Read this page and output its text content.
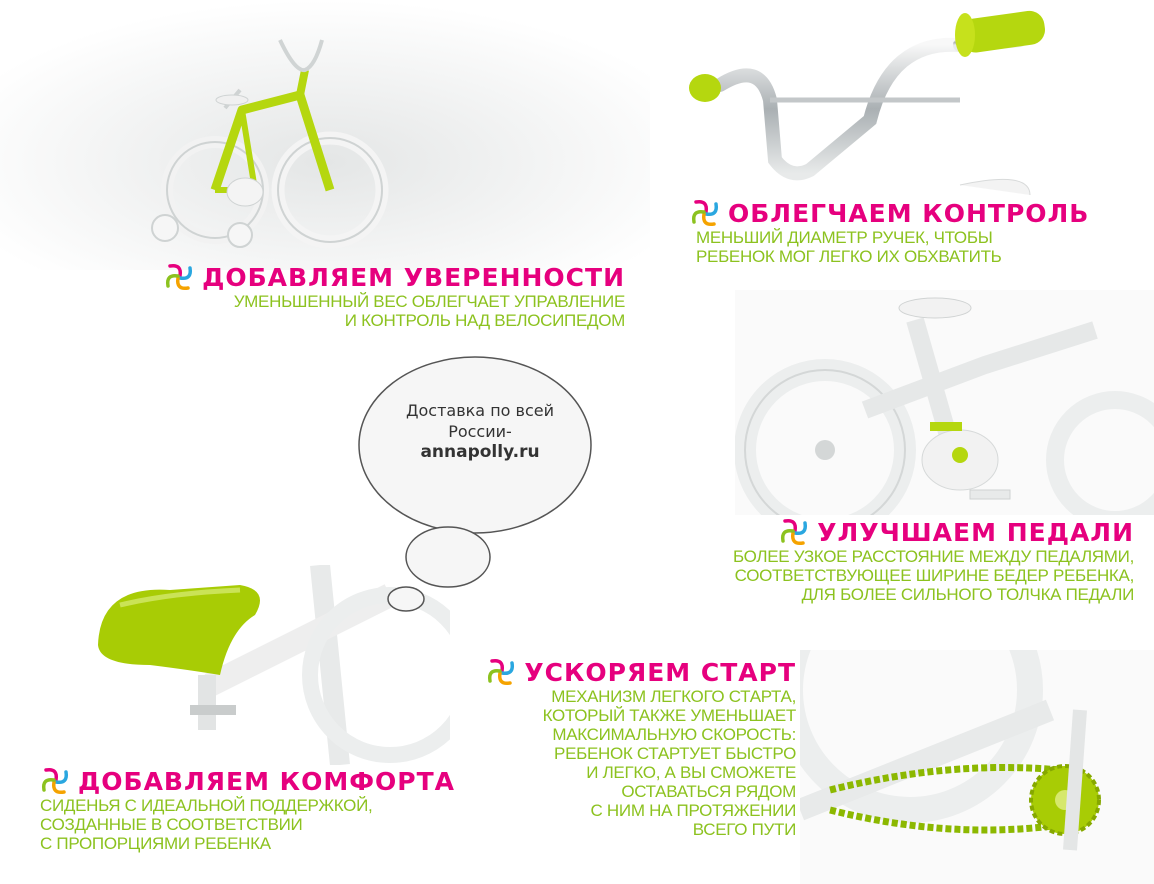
Доставка по всей
России-
annapolly.ru
ДОБАВЛЯЕМ УВЕРЕННОСТИ
УМЕНЬШЕННЫЙ ВЕС ОБЛЕГЧАЕТ УПРАВЛЕНИЕ
И КОНТРОЛЬ НАД ВЕЛОСИПЕДОМ
ОБЛЕГЧАЕМ КОНТРОЛЬ
МЕНЬШИЙ ДИАМЕТР РУЧЕК, ЧТОБЫ
РЕБЕНОК МОГ ЛЕГКО ИХ ОБХВАТИТЬ
УЛУЧШАЕМ ПЕДАЛИ
БОЛЕЕ УЗКОЕ РАССТОЯНИЕ МЕЖДУ ПЕДАЛЯМИ,
СООТВЕТСТВУЮЩЕЕ ШИРИНЕ БЕДЕР РЕБЕНКА,
ДЛЯ БОЛЕЕ СИЛЬНОГО ТОЛЧКА ПЕДАЛИ
УСКОРЯЕМ СТАРТ
МЕХАНИЗМ ЛЕГКОГО СТАРТА,
КОТОРЫЙ ТАКЖЕ УМЕНЬШАЕТ
МАКСИМАЛЬНУЮ СКОРОСТЬ:
РЕБЕНОК СТАРТУЕТ БЫСТРО
И ЛЕГКО, А ВЫ СМОЖЕТЕ
ОСТАВАТЬСЯ РЯДОМ
С НИМ НА ПРОТЯЖЕНИИ
ВСЕГО ПУТИ
ДОБАВЛЯЕМ КОМФОРТА
СИДЕНЬЯ С ИДЕАЛЬНОЙ ПОДДЕРЖКОЙ,
СОЗДАННЫЕ В СООТВЕТСТВИИ
С ПРОПОРЦИЯМИ РЕБЕНКА
